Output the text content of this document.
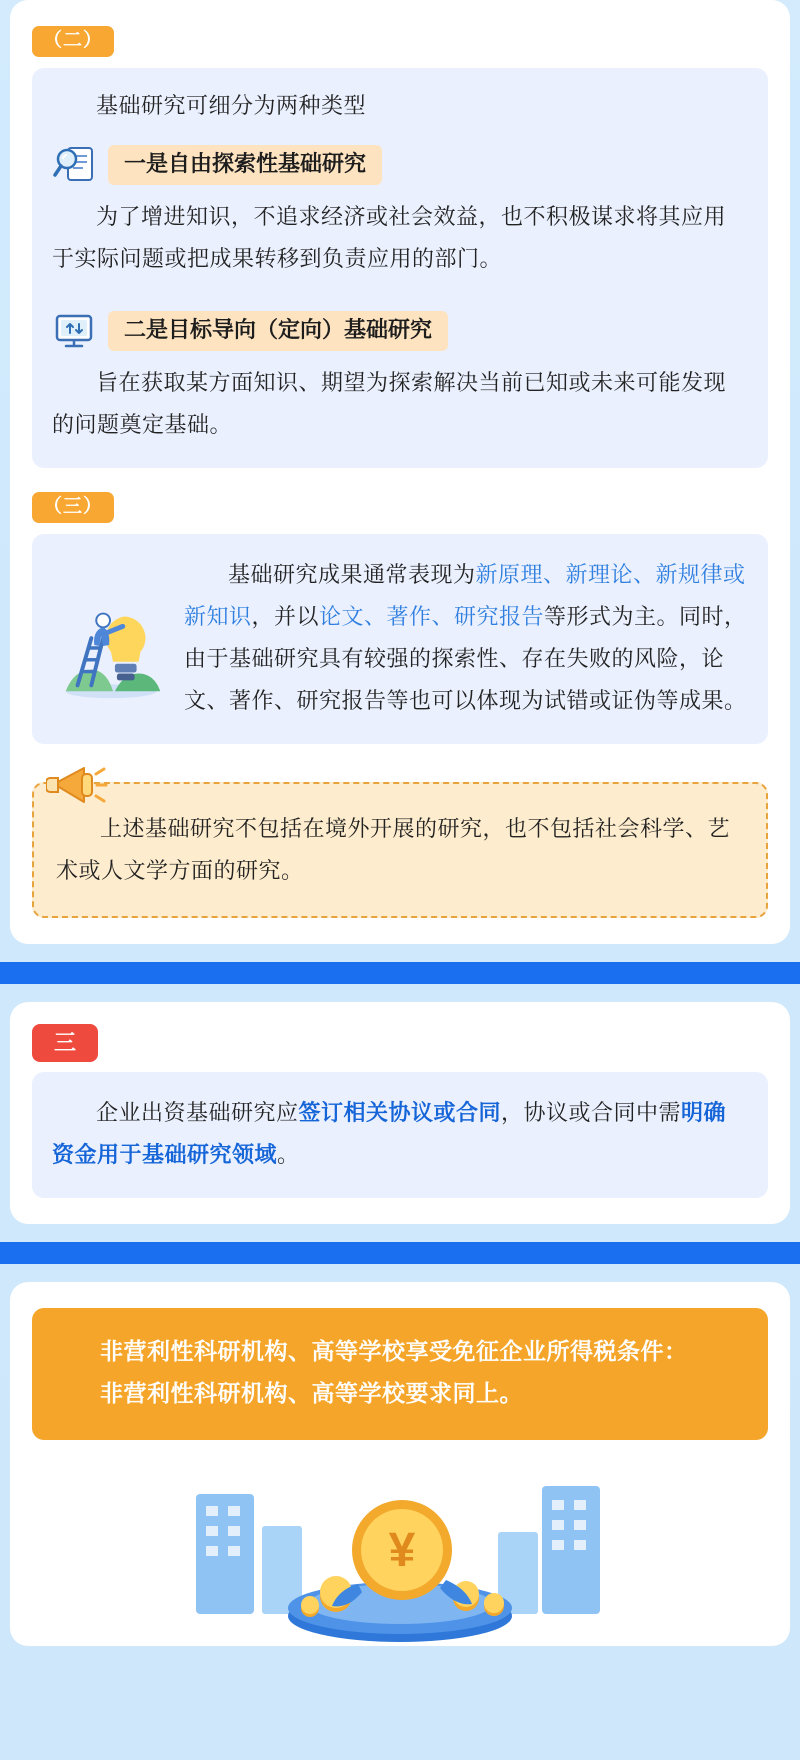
（二）

基础研究可细分为两种类型

一是自由探索性基础研究

为了增进知识，不追求经济或社会效益，也不积极谋求将其应用于实际问题或把成果转移到负责应用的部门。

二是目标导向（定向）基础研究

旨在获取某方面知识、期望为探索解决当前已知或未来可能发现的问题奠定基础。

（三）

基础研究成果通常表现为新原理、新理论、新规律或新知识，并以论文、著作、研究报告等形式为主。同时，由于基础研究具有较强的探索性、存在失败的风险，论文、著作、研究报告等也可以体现为试错或证伪等成果。

上述基础研究不包括在境外开展的研究，也不包括社会科学、艺术或人文学方面的研究。

三

企业出资基础研究应签订相关协议或合同，协议或合同中需明确资金用于基础研究领域。

非营利性科研机构、高等学校享受免征企业所得税条件：

非营利性科研机构、高等学校要求同上。

¥
